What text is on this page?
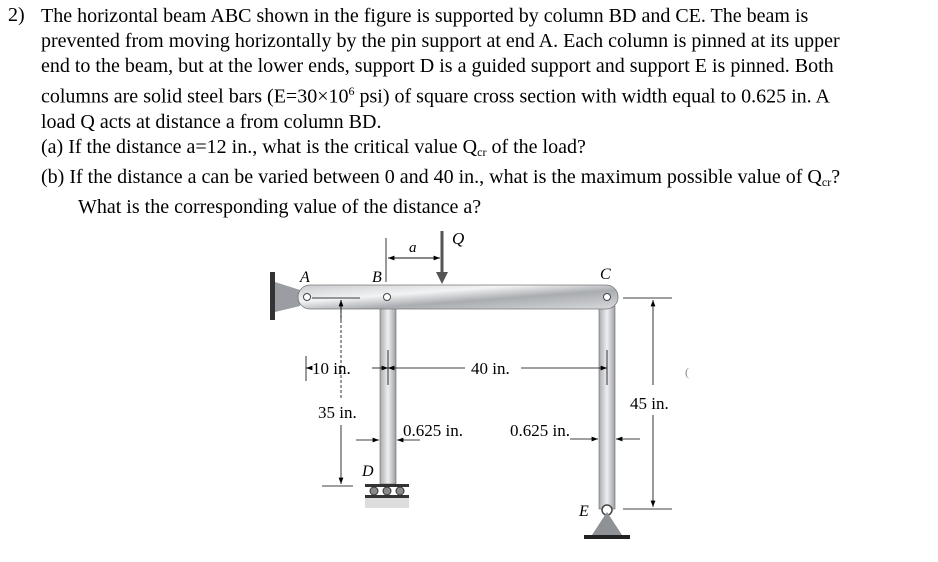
2) The horizontal beam ABC shown in the figure is supported by column BD and CE. The beam is

prevented from moving horizontally by the pin support at end A. Each column is pinned at its upper

end to the beam, but at the lower ends, support D is a guided support and support E is pinned. Both

columns are solid steel bars ($E=30\times 10^6$ psi) of square cross section with width equal to 0.625 in. A

load Q acts at distance a from column BD.

(a) If the distance a=12 in., what is the critical value $Q_{cr}$ of the load?

(b) If the distance a can be varied between 0 and 40 in., what is the maximum possible value of $Q_{cr}$?

What is the corresponding value of the distance a?

Q
a
A	B	C
D
E
35 in.
10 in.	40 in.
45 in.
0.625 in.	0.625 in.
(
